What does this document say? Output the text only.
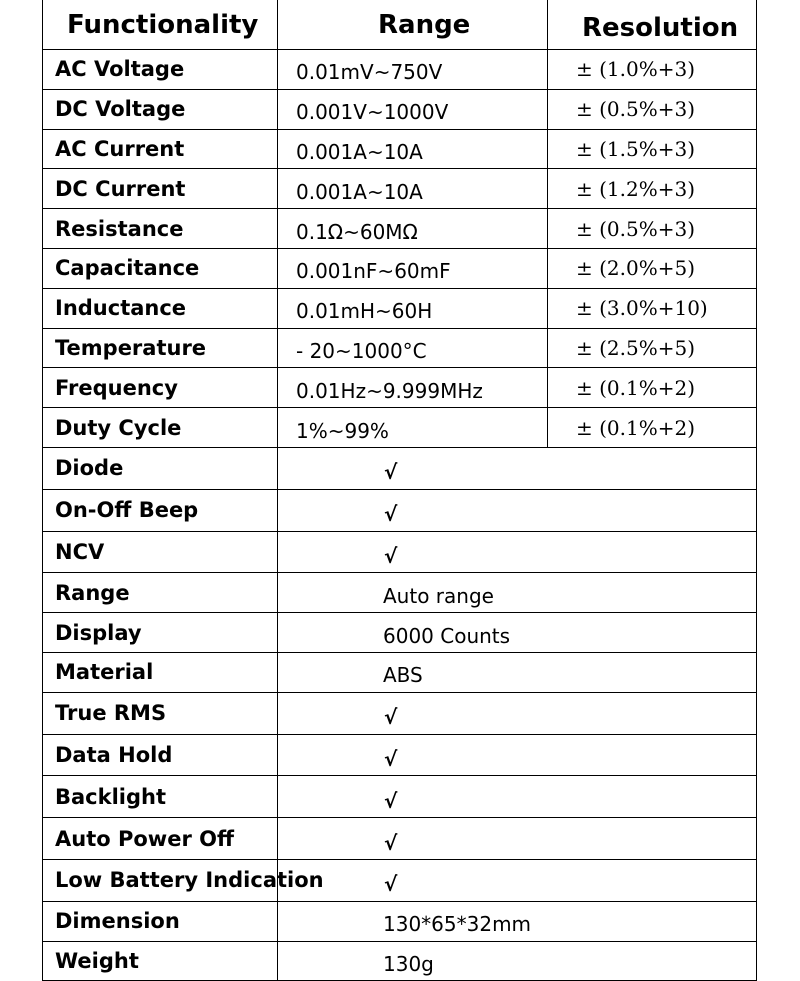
Functionality	Range	Resolution
AC Voltage	0.01mV~750V	± (1.0%+3)
DC Voltage	0.001V~1000V	± (0.5%+3)
AC Current	0.001A~10A	± (1.5%+3)
DC Current	0.001A~10A	± (1.2%+3)
Resistance	0.1Ω~60MΩ	± (0.5%+3)
Capacitance	0.001nF~60mF	± (2.0%+5)
Inductance	0.01mH~60H	± (3.0%+10)
Temperature	- 20~1000°C	± (2.5%+5)
Frequency	0.01Hz~9.999MHz	± (0.1%+2)
Duty Cycle	1%~99%	± (0.1%+2)
Diode	√	
On-Off Beep	√	
NCV	√	
Range	Auto range	
Display	6000 Counts	
Material	ABS	
True RMS	√	
Data Hold	√	
Backlight	√	
Auto Power Off	√	
Low Battery Indication	√	
Dimension	130*65*32mm	
Weight	130g	
